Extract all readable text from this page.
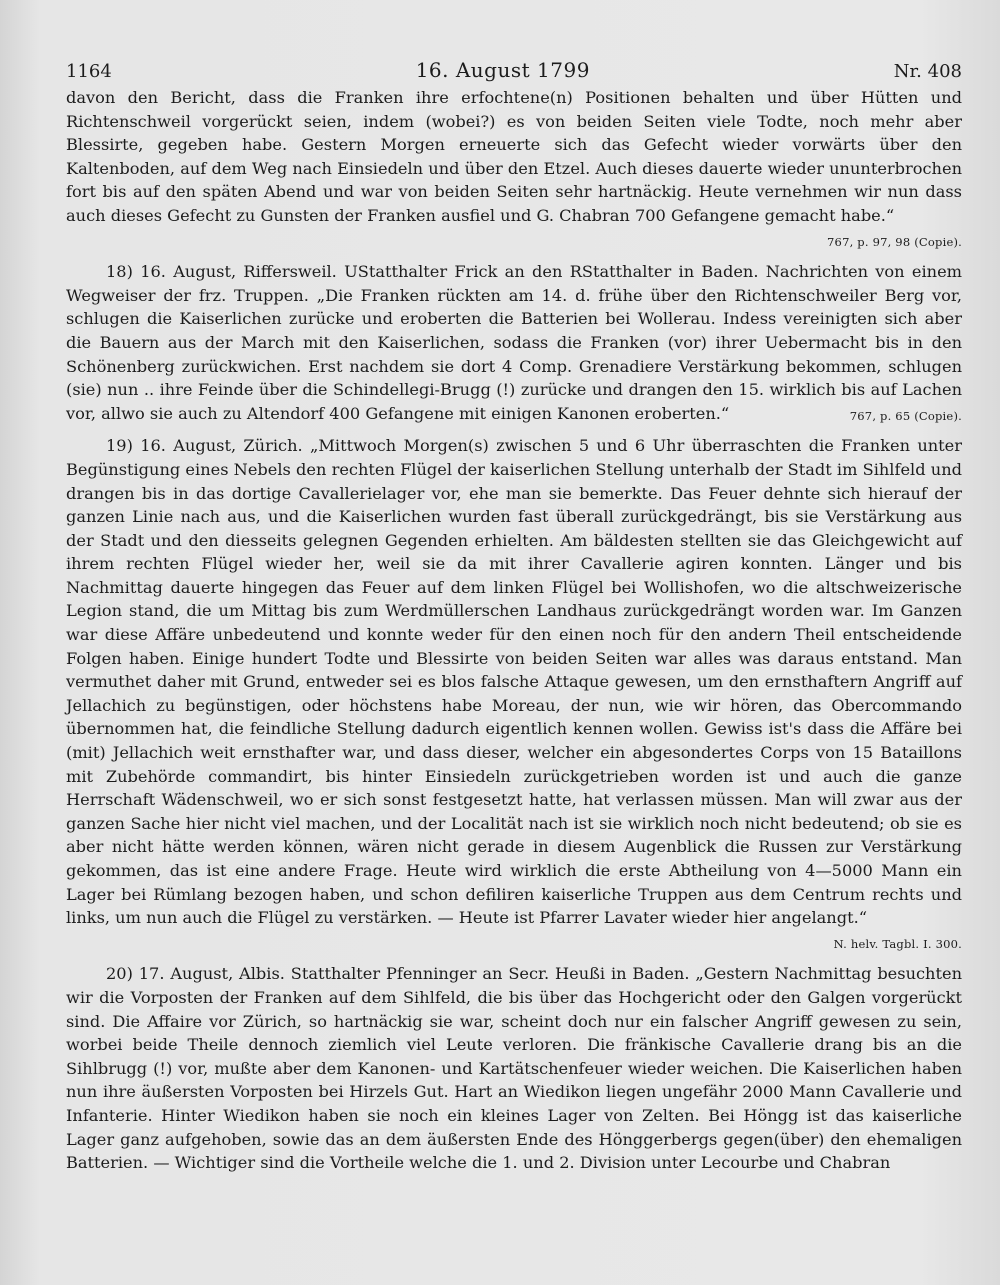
1164	16. August 1799	Nr. 408

davon den Bericht, dass die Franken ihre erfochtene(n) Positionen behalten und über Hütten und Richtenschweil vorgerückt seien, indem (wobei?) es von beiden Seiten viele Todte, noch mehr aber Blessirte, gegeben habe. Gestern Morgen erneuerte sich das Gefecht wieder vorwärts über den Kaltenboden, auf dem Weg nach Einsiedeln und über den Etzel. Auch dieses dauerte wieder ununterbrochen fort bis auf den späten Abend und war von beiden Seiten sehr hartnäckig. Heute vernehmen wir nun dass auch dieses Gefecht zu Gunsten der Franken ausfiel und G. Chabran 700 Gefangene gemacht habe.“
767, p. 97, 98 (Copie).

18) 16. August, Riffersweil. UStatthalter Frick an den RStatthalter in Baden. Nachrichten von einem Wegweiser der frz. Truppen. „Die Franken rückten am 14. d. frühe über den Richtenschweiler Berg vor, schlugen die Kaiserlichen zurücke und eroberten die Batterien bei Wollerau. Indess vereinigten sich aber die Bauern aus der March mit den Kaiserlichen, sodass die Franken (vor) ihrer Uebermacht bis in den Schönenberg zurückwichen. Erst nachdem sie dort 4 Comp. Grenadiere Verstärkung bekommen, schlugen (sie) nun .. ihre Feinde über die Schindellegi-Brugg (!) zurücke und drangen den 15. wirklich bis auf Lachen vor, allwo sie auch zu Altendorf 400 Gefangene mit einigen Kanonen eroberten.“	767, p. 65 (Copie).

19) 16. August, Zürich. „Mittwoch Morgen(s) zwischen 5 und 6 Uhr überraschten die Franken unter Begünstigung eines Nebels den rechten Flügel der kaiserlichen Stellung unterhalb der Stadt im Sihlfeld und drangen bis in das dortige Cavallerielager vor, ehe man sie bemerkte. Das Feuer dehnte sich hierauf der ganzen Linie nach aus, und die Kaiserlichen wurden fast überall zurückgedrängt, bis sie Verstärkung aus der Stadt und den diesseits gelegnen Gegenden erhielten. Am bäldesten stellten sie das Gleichgewicht auf ihrem rechten Flügel wieder her, weil sie da mit ihrer Cavallerie agiren konnten. Länger und bis Nachmittag dauerte hingegen das Feuer auf dem linken Flügel bei Wollishofen, wo die altschweizerische Legion stand, die um Mittag bis zum Werdmüllerschen Landhaus zurückgedrängt worden war. Im Ganzen war diese Affäre unbedeutend und konnte weder für den einen noch für den andern Theil entscheidende Folgen haben. Einige hundert Todte und Blessirte von beiden Seiten war alles was daraus entstand. Man vermuthet daher mit Grund, entweder sei es blos falsche Attaque gewesen, um den ernsthaftern Angriff auf Jellachich zu begünstigen, oder höchstens habe Moreau, der nun, wie wir hören, das Obercommando übernommen hat, die feindliche Stellung dadurch eigentlich kennen wollen. Gewiss ist's dass die Affäre bei (mit) Jellachich weit ernsthafter war, und dass dieser, welcher ein abgesondertes Corps von 15 Bataillons mit Zubehörde commandirt, bis hinter Einsiedeln zurückgetrieben worden ist und auch die ganze Herrschaft Wädenschweil, wo er sich sonst festgesetzt hatte, hat verlassen müssen. Man will zwar aus der ganzen Sache hier nicht viel machen, und der Localität nach ist sie wirklich noch nicht bedeutend; ob sie es aber nicht hätte werden können, wären nicht gerade in diesem Augenblick die Russen zur Verstärkung gekommen, das ist eine andere Frage. Heute wird wirklich die erste Abtheilung von 4—5000 Mann ein Lager bei Rümlang bezogen haben, und schon defiliren kaiserliche Truppen aus dem Centrum rechts und links, um nun auch die Flügel zu verstärken. — Heute ist Pfarrer Lavater wieder hier angelangt.“
N. helv. Tagbl. I. 300.

20) 17. August, Albis. Statthalter Pfenninger an Secr. Heußi in Baden. „Gestern Nachmittag besuchten wir die Vorposten der Franken auf dem Sihlfeld, die bis über das Hochgericht oder den Galgen vorgerückt sind. Die Affaire vor Zürich, so hartnäckig sie war, scheint doch nur ein falscher Angriff gewesen zu sein, worbei beide Theile dennoch ziemlich viel Leute verloren. Die fränkische Cavallerie drang bis an die Sihlbrugg (!) vor, mußte aber dem Kanonen- und Kartätschenfeuer wieder weichen. Die Kaiserlichen haben nun ihre äußersten Vorposten bei Hirzels Gut. Hart an Wiedikon liegen ungefähr 2000 Mann Cavallerie und Infanterie. Hinter Wiedikon haben sie noch ein kleines Lager von Zelten. Bei Höngg ist das kaiserliche Lager ganz aufgehoben, sowie das an dem äußersten Ende des Hönggerbergs gegen(über) den ehemaligen Batterien. — Wichtiger sind die Vortheile welche die 1. und 2. Division unter Lecourbe und Chabran
